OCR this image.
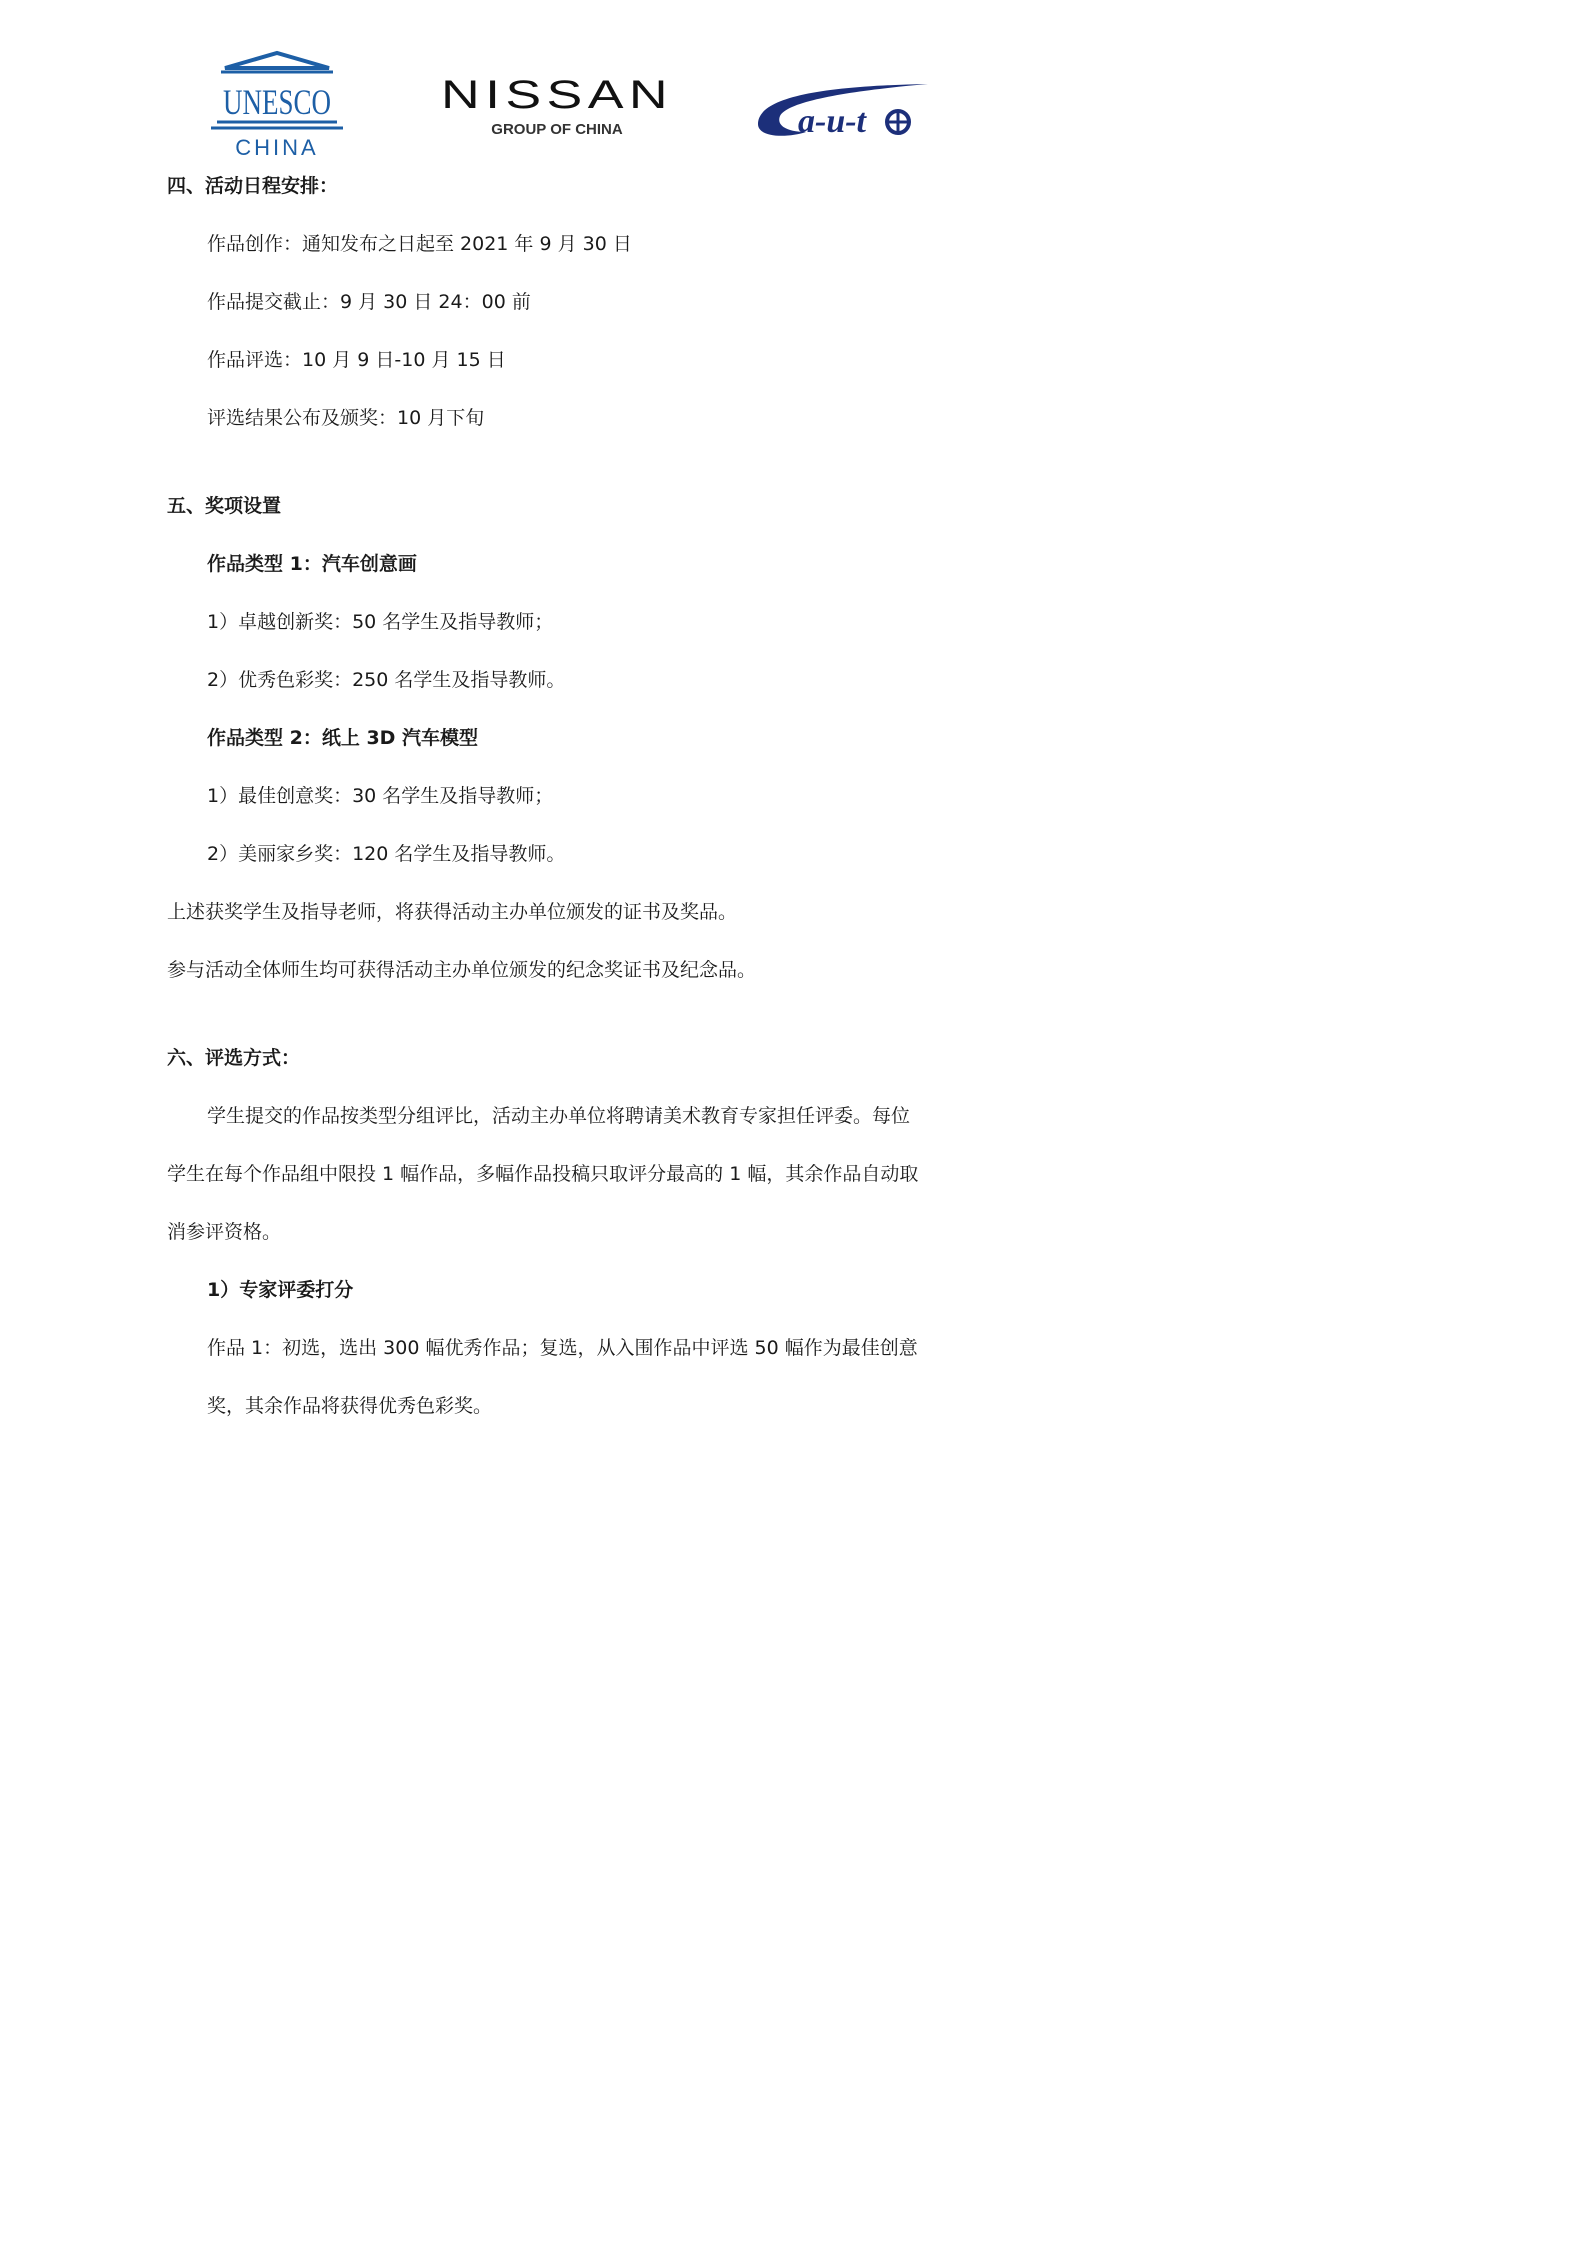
UNESCO
CHINA
NISSAN
GROUP OF CHINA	a-u-t
四、活动日程安排：
作品创作：通知发布之日起至 2021 年 9 月 30 日
作品提交截止：9 月 30 日 24：00 前
作品评选：10 月 9 日-10 月 15 日
评选结果公布及颁奖：10 月下旬
五、奖项设置
作品类型 1：汽车创意画
1）卓越创新奖：50 名学生及指导教师；
2）优秀色彩奖：250 名学生及指导教师。
作品类型 2：纸上 3D 汽车模型
1）最佳创意奖：30 名学生及指导教师；
2）美丽家乡奖：120 名学生及指导教师。
上述获奖学生及指导老师，将获得活动主办单位颁发的证书及奖品。
参与活动全体师生均可获得活动主办单位颁发的纪念奖证书及纪念品。
六、评选方式：
学生提交的作品按类型分组评比，活动主办单位将聘请美术教育专家担任评委。每位
学生在每个作品组中限投 1 幅作品，多幅作品投稿只取评分最高的 1 幅，其余作品自动取
消参评资格。
1）专家评委打分
作品 1：初选，选出 300 幅优秀作品；复选，从入围作品中评选 50 幅作为最佳创意
奖，其余作品将获得优秀色彩奖。
